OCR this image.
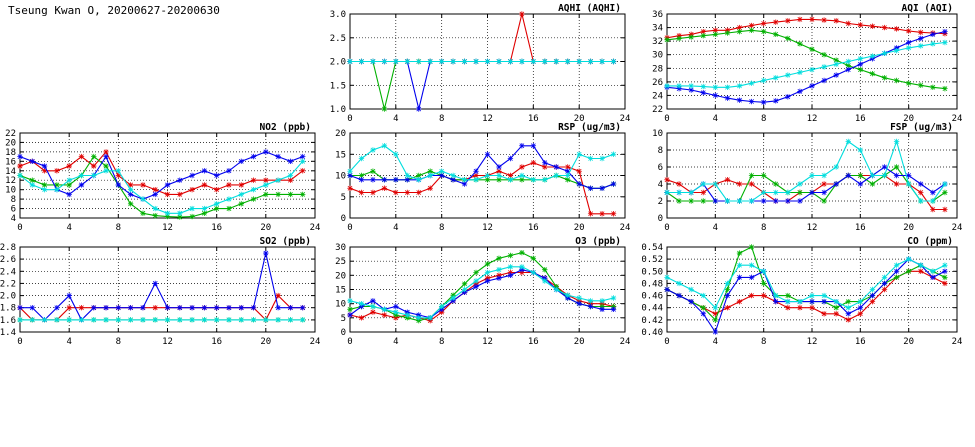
Tseung Kwan O, 20200627-20200630
1.0
1.5
2.0
2.5
3.0
0	4	8	12	16	20	24
AQHI (AQHI)
22
24
26
28
30
32
34
36
0	4	8	12	16	20	24
AQI (AQI)
4
6
8
10
12
14
16
18
20
22
0	4	8	12	16	20	24
NO2 (ppb)
0
5
10
15
20
0	4	8	12	16	20	24
RSP (ug/m3)
0
2
4
6
8
10
0	4	8	12	16	20	24
FSP (ug/m3)
1.4
1.6
1.8
2.0
2.2
2.4
2.6
2.8
0	4	8	12	16	20	24
SO2 (ppb)
0
5
10
15
20
25
30
0	4	8	12	16	20	24
O3 (ppb)
0.40
0.42
0.44
0.46
0.48
0.50
0.52
0.54
0	4	8	12	16	20	24
CO (ppm)
